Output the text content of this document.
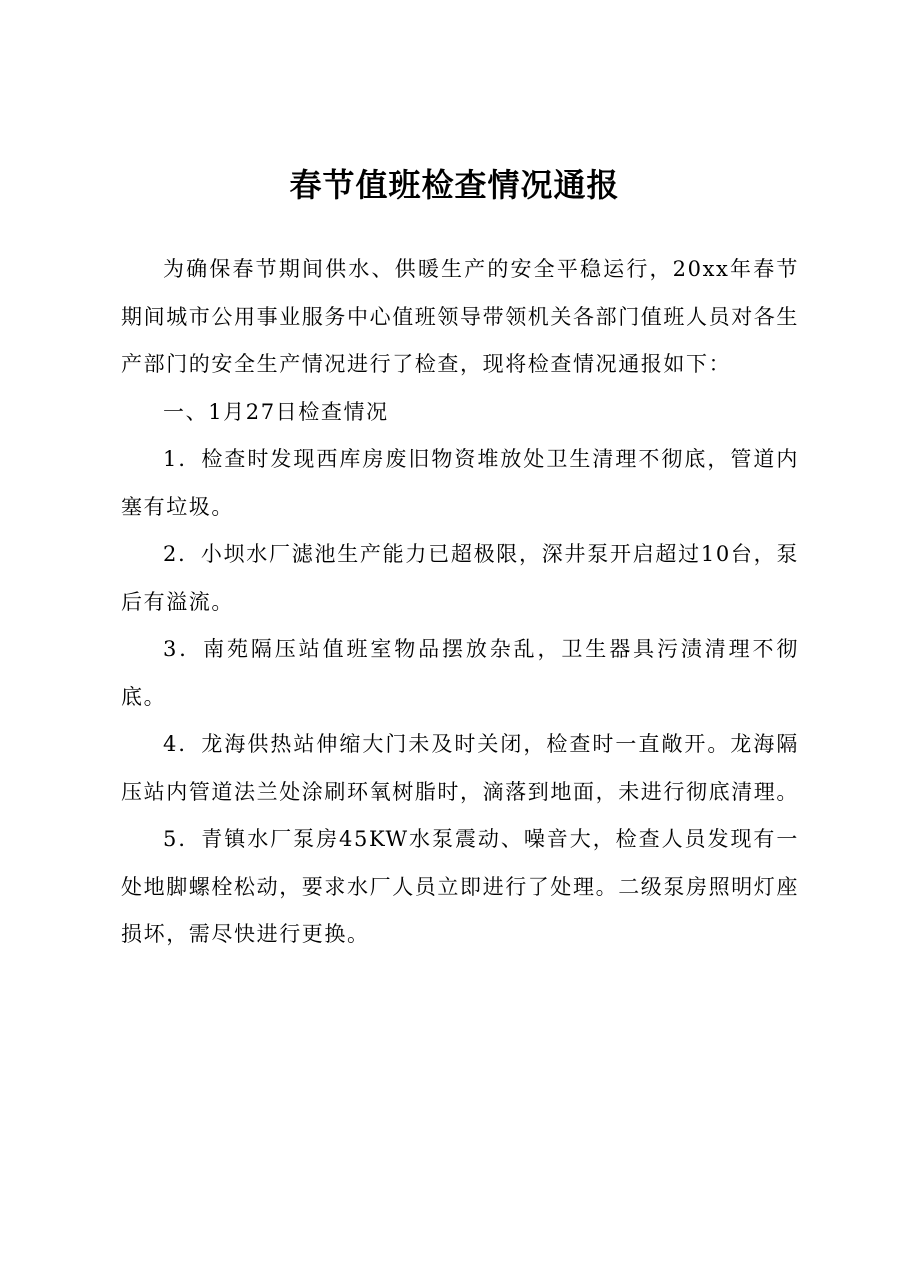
春节值班检查情况通报

为确保春节期间供水、供暖生产的安全平稳运行，20xx年春节期间城市公用事业服务中心值班领导带领机关各部门值班人员对各生产部门的安全生产情况进行了检查，现将检查情况通报如下：

一、1月27日检查情况

1．检查时发现西库房废旧物资堆放处卫生清理不彻底，管道内塞有垃圾。

2．小坝水厂滤池生产能力已超极限，深井泵开启超过10台，泵后有溢流。

3．南苑隔压站值班室物品摆放杂乱，卫生器具污渍清理不彻底。

4．龙海供热站伸缩大门未及时关闭，检查时一直敞开。龙海隔压站内管道法兰处涂刷环氧树脂时，滴落到地面，未进行彻底清理。

5．青镇水厂泵房45KW水泵震动、噪音大，检查人员发现有一处地脚螺栓松动，要求水厂人员立即进行了处理。二级泵房照明灯座损坏，需尽快进行更换。
